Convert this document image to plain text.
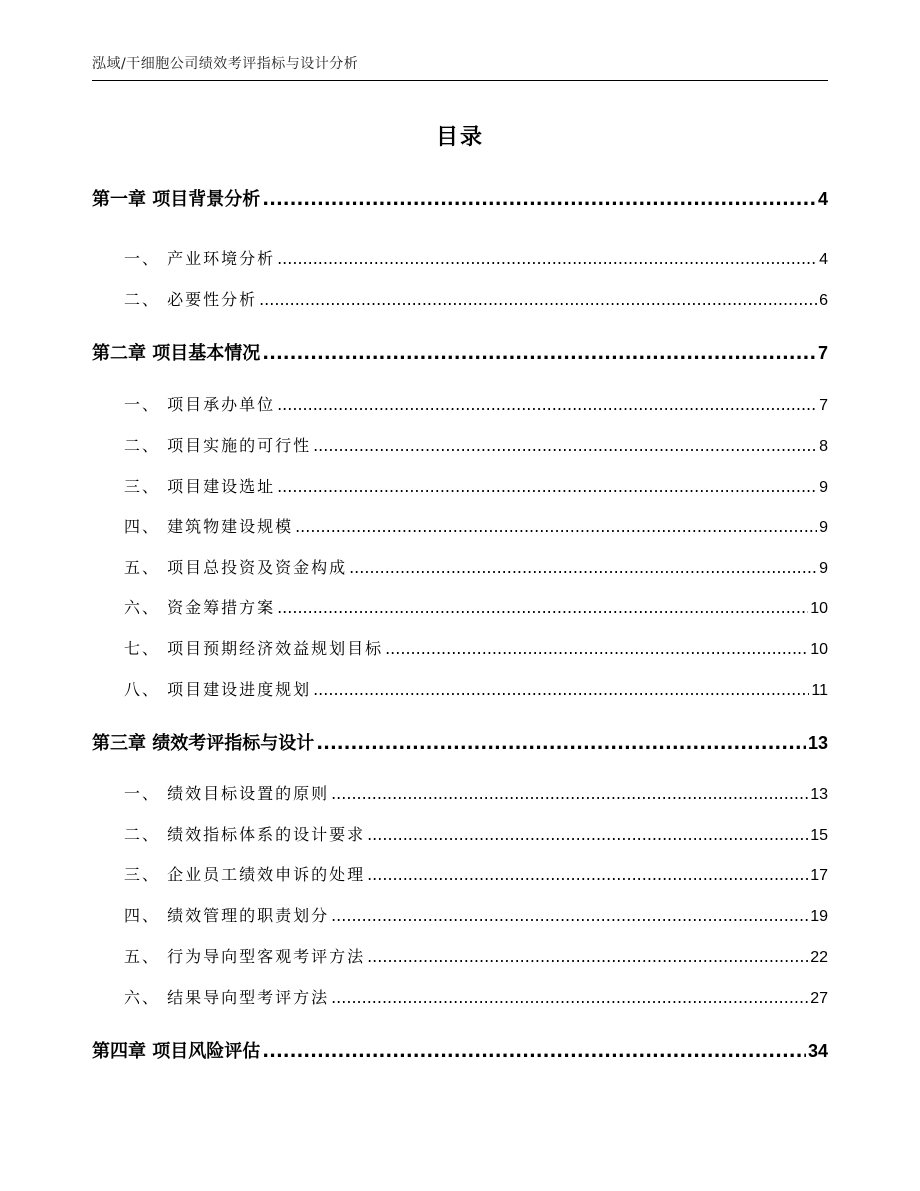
泓域/干细胞公司绩效考评指标与设计分析
目录
第一章 项目背景分析 .....	4
一、 产业环境分析 .....	4
二、 必要性分析 .....	6
第二章 项目基本情况 .....	7
一、 项目承办单位 .....	7
二、 项目实施的可行性 .....	8
三、 项目建设选址 .....	9
四、 建筑物建设规模 .....	9
五、 项目总投资及资金构成 .....	9
六、 资金筹措方案 .....	10
七、 项目预期经济效益规划目标 .....	10
八、 项目建设进度规划 .....	11
第三章 绩效考评指标与设计 .....	13
一、 绩效目标设置的原则 .....	13
二、 绩效指标体系的设计要求 .....	15
三、 企业员工绩效申诉的处理 .....	17
四、 绩效管理的职责划分 .....	19
五、 行为导向型客观考评方法 .....	22
六、 结果导向型考评方法 .....	27
第四章 项目风险评估 .....	34
